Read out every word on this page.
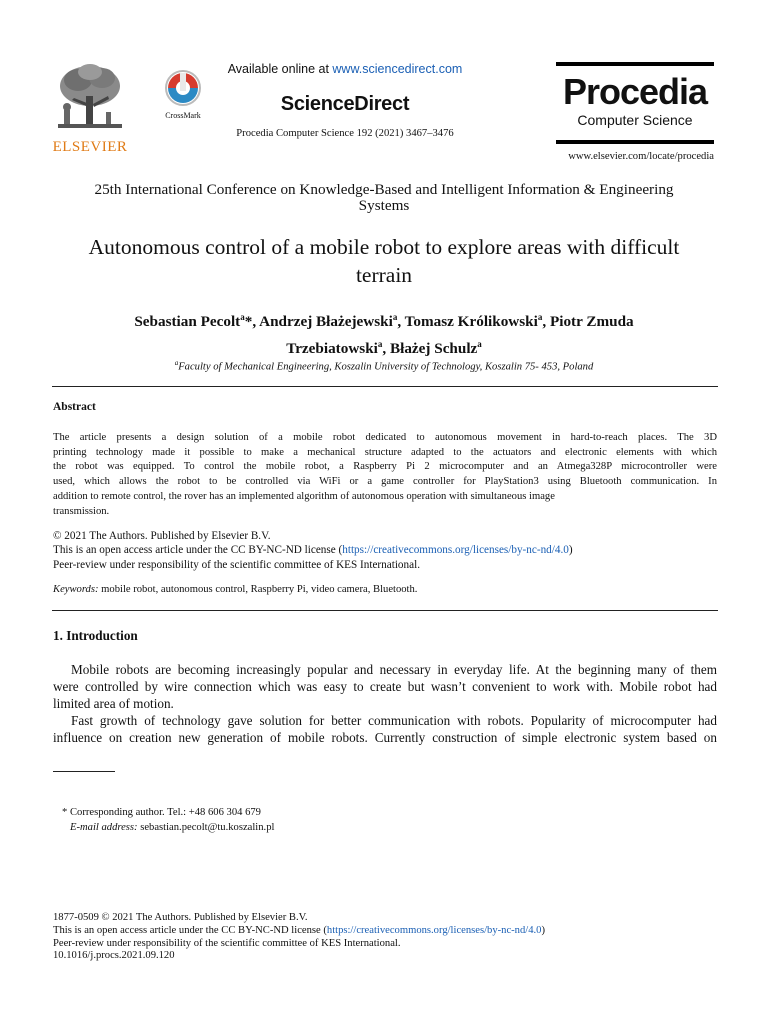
ELSEVIER
CrossMark
Available online at www.sciencedirect.com
ScienceDirect
Procedia Computer Science 192 (2021) 3467–3476
Procedia
Computer Science
www.elsevier.com/locate/procedia
25th International Conference on Knowledge-Based and Intelligent Information & Engineering
Systems
Autonomous control of a mobile robot to explore areas with difficult
terrain
Sebastian Pecolt$^a$*, Andrzej Błażejewski$^a$, Tomasz Królikowski$^a$, Piotr Zmuda
Trzebiatowski$^a$, Błażej Schulz$^a$
$^a$Faculty of Mechanical Engineering, Koszalin University of Technology, Koszalin 75- 453, Poland
Abstract
The article presents a design solution of a mobile robot dedicated to autonomous movement in hard-to-reach places. The 3D
printing technology made it possible to make a mechanical structure adapted to the actuators and electronic elements with which
the robot was equipped. To control the mobile robot, a Raspberry Pi 2 microcomputer and an Atmega328P microcontroller were
used, which allows the robot to be controlled via WiFi or a game controller for PlayStation3 using Bluetooth communication. In
addition to remote control, the rover has an implemented algorithm of autonomous operation with simultaneous image
transmission.
© 2021 The Authors. Published by Elsevier B.V.
This is an open access article under the CC BY-NC-ND license (https://creativecommons.org/licenses/by-nc-nd/4.0)
Peer-review under responsibility of the scientific committee of KES International.
Keywords: mobile robot, autonomous control, Raspberry Pi, video camera, Bluetooth.
1. Introduction
Mobile robots are becoming increasingly popular and necessary in everyday life. At the beginning many of them
were controlled by wire connection which was easy to create but wasn’t convenient to work with. Mobile robot had
limited area of motion.
Fast growth of technology gave solution for better communication with robots. Popularity of microcomputer had
influence on creation new generation of mobile robots. Currently construction of simple electronic system based on
* Corresponding author. Tel.: +48 606 304 679
E-mail address: sebastian.pecolt@tu.koszalin.pl
1877-0509 © 2021 The Authors. Published by Elsevier B.V.
This is an open access article under the CC BY-NC-ND license (https://creativecommons.org/licenses/by-nc-nd/4.0)
Peer-review under responsibility of the scientific committee of KES International.
10.1016/j.procs.2021.09.120
